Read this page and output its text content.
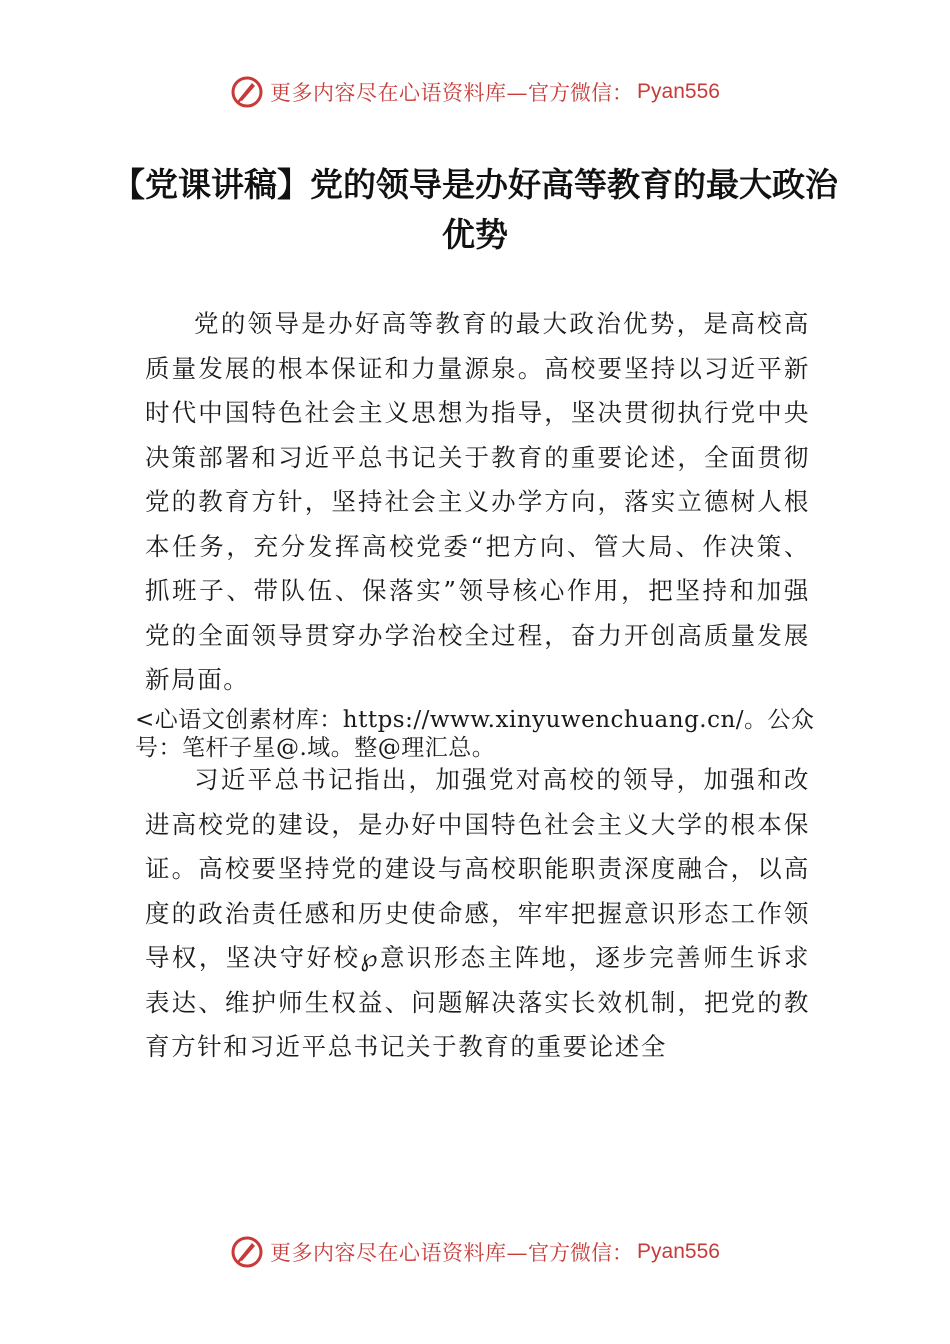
更多内容尽在心语资料库— 官方微信： Pyan556
【党课讲稿】党的领导是办好高等教育的最大政治优势
党的领导是办好高等教育的最大政治优势，是高校高质量发展的根本保证和力量源泉。高校要坚持以习近平新时代中国特色社会主义思想为指导，坚决贯彻执行党中央决策部署和习近平总书记关于教育的重要论述，全面贯彻党的教育方针，坚持社会主义办学方向，落实立德树人根本任务，充分发挥高校党委“把方向、管大局、作决策、抓班子、带队伍、保落实”领导核心作用，把坚持和加强党的全面领导贯穿办学治校全过程，奋力开创高质量发展新局面。
<心语文创素材库：https://www.xinyuwenchuang.cn/。公众号：笔杆子星@.域。整@理汇总。
习近平总书记指出，加强党对高校的领导，加强和改进高校党的建设，是办好中国特色社会主义大学的根本保证。高校要坚持党的建设与高校职能职责深度融合，以高度的政治责任感和历史使命感，牢牢把握意识形态工作领导权，坚决守好校℘意识形态主阵地，逐步完善师生诉求表达、维护师生权益、问题解决落实长效机制，把党的教育方针和习近平总书记关于教育的重要论述全
更多内容尽在心语资料库— 官方微信： Pyan556
